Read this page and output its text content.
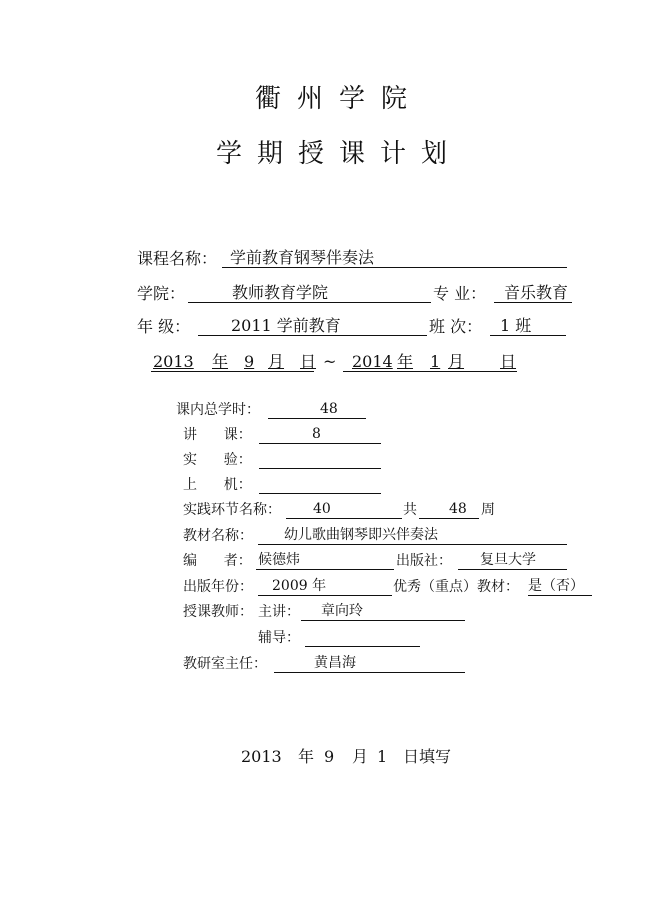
衢州学院
学期授课计划
课程名称： 学前教育钢琴伴奏法
学院：	教师教育学院	专 业：	音乐教育
年 级：	2011 学前教育	班 次：	1 班
2013 年 9 月 日 ~ 2014 年 1 月 日
课内总学时：	48
讲      课：	8
实      验：
上      机：
实践环节名称：	40	共	48	周
教材名称：	幼儿歌曲钢琴即兴伴奏法
编      者： 候德炜	出版社：	复旦大学
出版年份：	2009 年	优秀（重点）教材： 是（否）
授课教师： 主讲：	章向玲
辅导：
教研室主任：	黄昌海
2013 年 9 月 1 日填写
